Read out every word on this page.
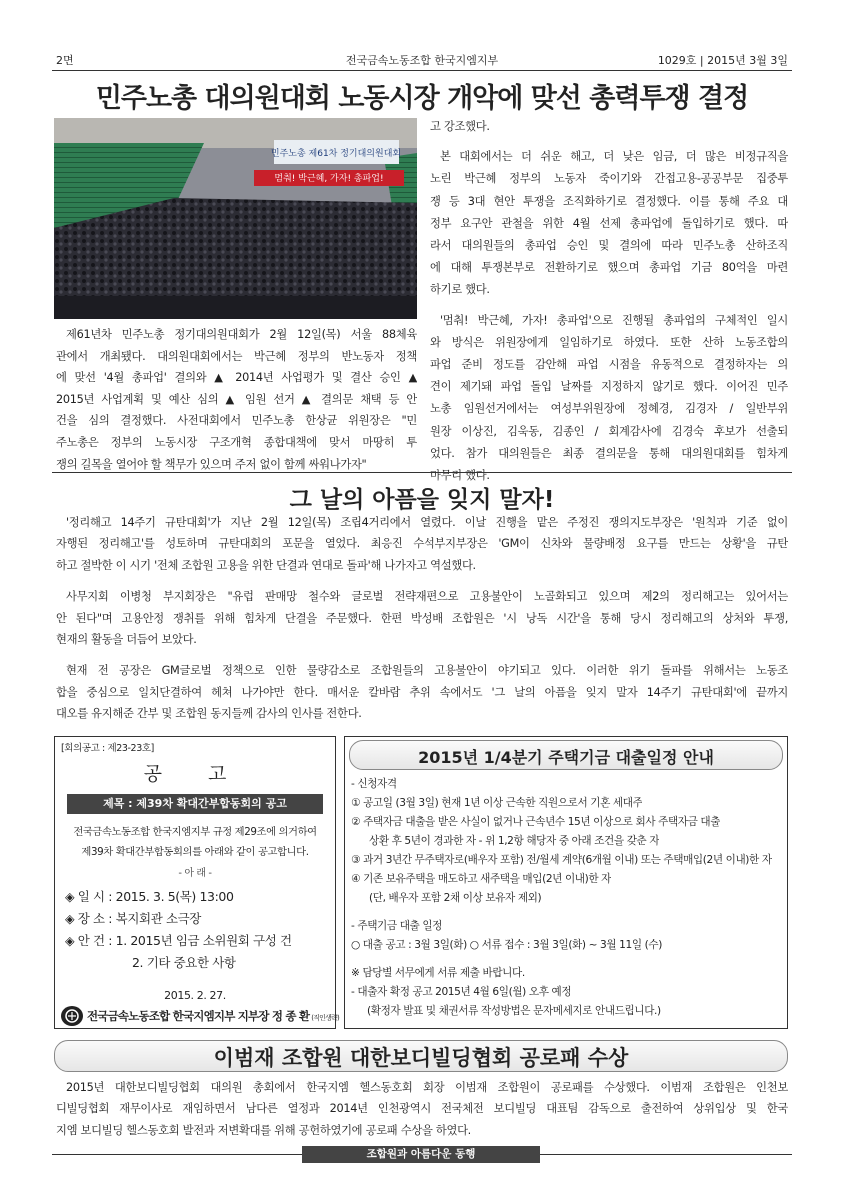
2면	전국금속노동조합 한국지엠지부	1029호 | 2015년 3월 3일
민주노총 대의원대회 노동시장 개악에 맞선 총력투쟁 결정
멈춰! 박근혜, 가자! 총파업!
민주노총 제61차 정기대의원대회
제61년차 민주노총 정기대의원대회가 2월 12일(목) 서울 88체육
관에서 개최됐다. 대의원대회에서는 박근혜 정부의 반노동자 정책
에 맞선 '4월 총파업' 결의와 ▲ 2014년 사업평가 및 결산 승인 ▲
2015년 사업계획 및 예산 심의 ▲ 임원 선거 ▲ 결의문 채택 등 안
건을 심의 결정했다. 사전대회에서 민주노총 한상균 위원장은 "민
주노총은 정부의 노동시장 구조개혁 종합대책에 맞서 마땅히 투
쟁의 길목을 열어야 할 책무가 있으며 주저 없이 함께 싸워나가자"
고 강조했다.
본 대회에서는 더 쉬운 해고, 더 낮은 임금, 더 많은 비정규직을
노린 박근혜 정부의 노동자 죽이기와 간접고용-공공부문 집중투
쟁 등 3대 현안 투쟁을 조직화하기로 결정했다. 이를 통해 주요 대
정부 요구안 관철을 위한 4월 선제 총파업에 돌입하기로 했다. 따
라서 대의원들의 총파업 승인 및 결의에 따라 민주노총 산하조직
에 대해 투쟁본부로 전환하기로 했으며 총파업 기금 80억을 마련
하기로 했다.
'멈춰! 박근혜, 가자! 총파업'으로 진행될 총파업의 구체적인 일시
와 방식은 위원장에게 일임하기로 하였다. 또한 산하 노동조합의
파업 준비 정도를 감안해 파업 시점을 유동적으로 결정하자는 의
견이 제기돼 파업 돌입 날짜를 지정하지 않기로 했다. 이어진 민주
노총 임원선거에서는 여성부위원장에 정혜경, 김경자 / 일반부위
원장 이상진, 김욱동, 김종인 / 회계감사에 김경숙 후보가 선출되
었다. 참가 대의원들은 최종 결의문을 통해 대의원대회를 힘차게
마무리 했다.
그 날의 아픔을 잊지 말자!
'정리해고 14주기 규탄대회'가 지난 2월 12일(목) 조립4거리에서 열렸다. 이날 진행을 맡은 주정진 쟁의지도부장은 '원칙과 기준 없이
자행된 정리해고'를 성토하며 규탄대회의 포문을 열었다. 최응진 수석부지부장은 'GM이 신차와 물량배정 요구를 만드는 상황'을 규탄
하고 절박한 이 시기 '전체 조합원 고용을 위한 단결과 연대로 돌파'해 나가자고 역설했다.
사무지회 이병청 부지회장은 "유럽 판매망 철수와 글로벌 전략재편으로 고용불안이 노골화되고 있으며 제2의 정리해고는 있어서는
안 된다"며 고용안정 쟁취를 위해 힘차게 단결을 주문했다. 한편 박성배 조합원은 '시 낭독 시간'을 통해 당시 정리해고의 상처와 투쟁,
현재의 활동을 더듬어 보았다.
현재 전 공장은 GM글로벌 정책으로 인한 물량감소로 조합원들의 고용불안이 야기되고 있다. 이러한 위기 돌파를 위해서는 노동조
합을 중심으로 일치단결하여 헤쳐 나가야만 한다. 매서운 칼바람 추위 속에서도 '그 날의 아픔을 잊지 말자 14주기 규탄대회'에 끝까지
대오를 유지해준 간부 및 조합원 동지들께 감사의 인사를 전한다.
[회의공고 : 제23-23호]
공 고
제목 : 제39차 확대간부합동회의 공고
전국금속노동조합 한국지엠지부 규정 제29조에 의거하여
제39차 확대간부합동회의를 아래와 같이 공고합니다.
- 아 래 -
◈ 일 시 : 2015. 3. 5(목) 13:00
◈ 장 소 : 복지회관 소극장
◈ 안 건 : 1. 2015년 임금 소위원회 구성 건
2. 기타 중요한 사항
2015. 2. 27.
전국금속노동조합 한국지엠지부 지부장 정 종 환 (직인생략)
2015년 1/4분기 주택기금 대출일정 안내
- 신청자격
① 공고일 (3월 3일) 현재 1년 이상 근속한 직원으로서 기혼 세대주
② 주택자금 대출을 받은 사실이 없거나 근속년수 15년 이상으로 회사 주택자금 대출
상환 후 5년이 경과한 자 - 위 1,2항 해당자 중 아래 조건을 갖춘 자
③ 과거 3년간 무주택자로(배우자 포함) 전/월세 계약(6개월 이내) 또는 주택매입(2년 이내)한 자
④ 기존 보유주택을 매도하고 새주택을 매입(2년 이내)한 자
(단, 배우자 포함 2채 이상 보유자 제외)
- 주택기금 대출 일정
○ 대출 공고 : 3월 3일(화) ○ 서류 접수 : 3월 3일(화) ~ 3월 11일 (수)
※ 담당별 서무에게 서류 제출 바랍니다.
- 대출자 확정 공고 2015년 4월 6일(월) 오후 예정
(확정자 발표 및 채권서류 작성방법은 문자메세지로 안내드립니다.)
이범재 조합원 대한보디빌딩협회 공로패 수상
2015년 대한보디빌딩협회 대의원 총회에서 한국지엠 헬스동호회 회장 이범재 조합원이 공로패를 수상했다. 이범재 조합원은 인천보
디빌딩협회 재무이사로 재임하면서 남다른 열정과 2014년 인천광역시 전국체전 보디빌딩 대표팀 감독으로 출전하여 상위입상 및 한국
지엠 보디빌딩 헬스동호회 발전과 저변확대를 위해 공헌하였기에 공로패 수상을 하였다.
조합원과 아름다운 동행
